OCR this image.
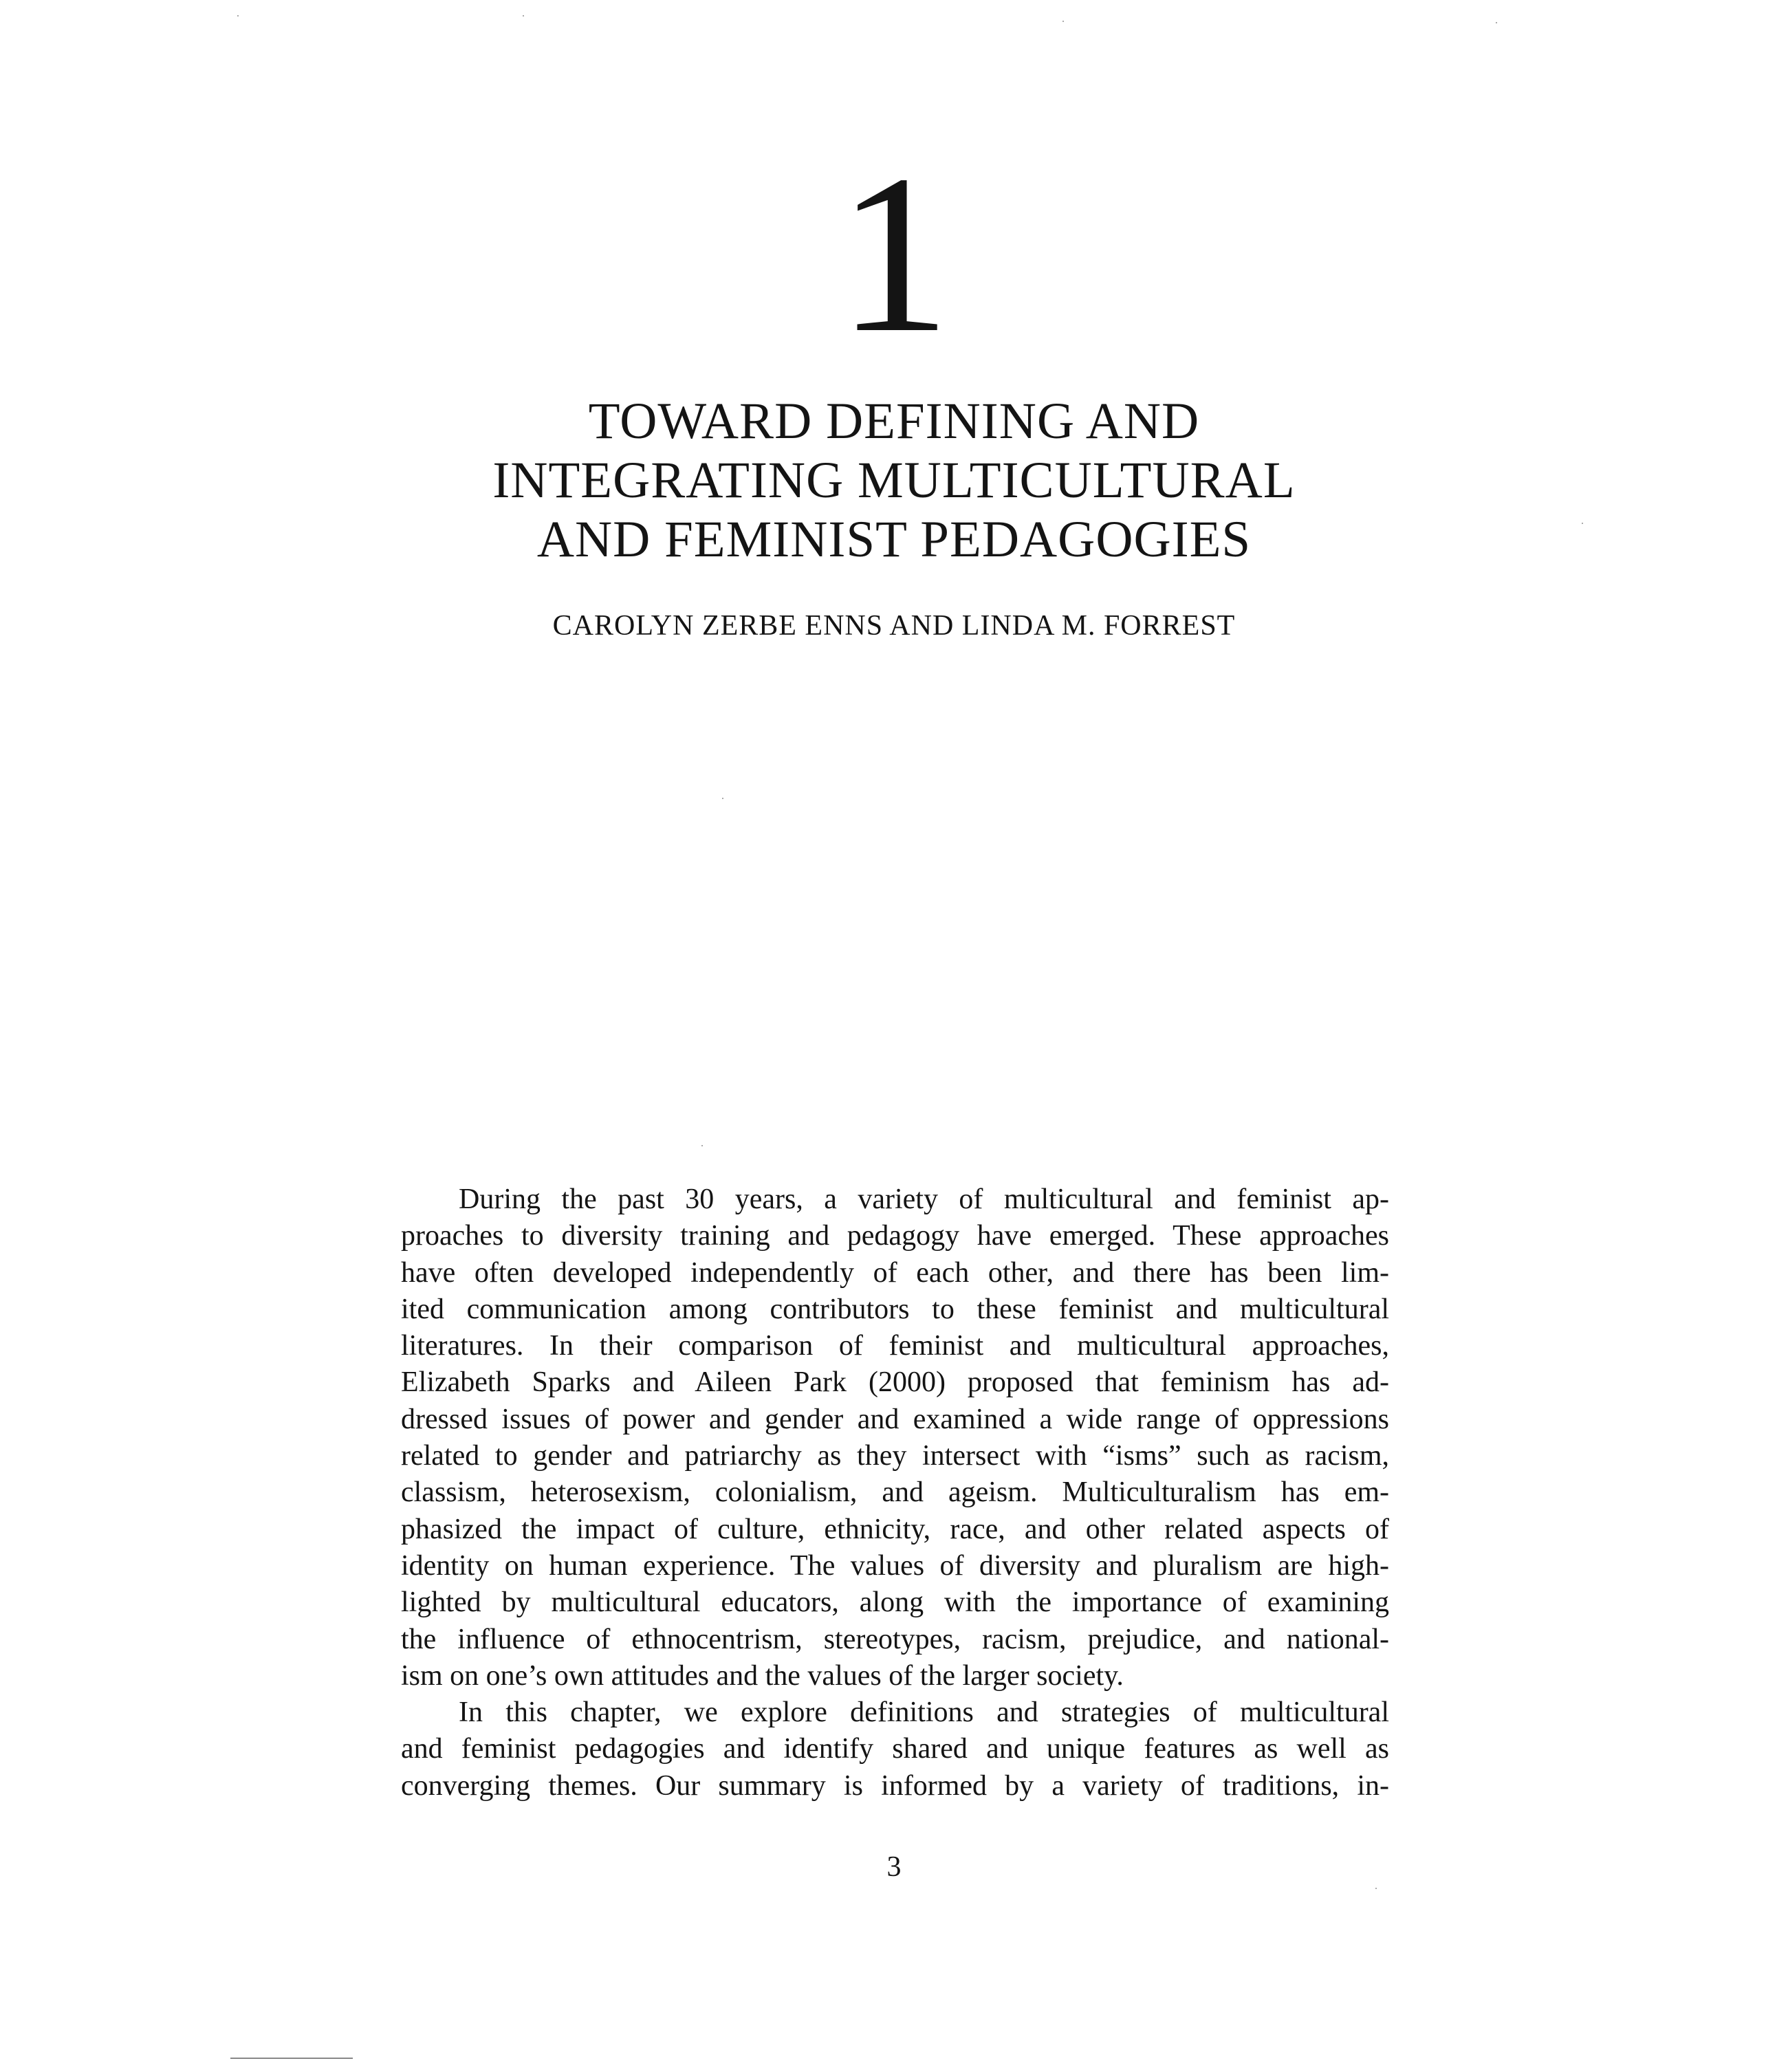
1
TOWARD DEFINING AND
INTEGRATING MULTICULTURAL
AND FEMINIST PEDAGOGIES
CAROLYN ZERBE ENNS AND LINDA M. FORREST
During the past 30 years, a variety of multicultural and feminist ap-
proaches to diversity training and pedagogy have emerged. These approaches
have often developed independently of each other, and there has been lim-
ited communication among contributors to these feminist and multicultural
literatures. In their comparison of feminist and multicultural approaches,
Elizabeth Sparks and Aileen Park (2000) proposed that feminism has ad-
dressed issues of power and gender and examined a wide range of oppressions
related to gender and patriarchy as they intersect with “isms” such as racism,
classism, heterosexism, colonialism, and ageism. Multiculturalism has em-
phasized the impact of culture, ethnicity, race, and other related aspects of
identity on human experience. The values of diversity and pluralism are high-
lighted by multicultural educators, along with the importance of examining
the influence of ethnocentrism, stereotypes, racism, prejudice, and national-
ism on one’s own attitudes and the values of the larger society.
In this chapter, we explore definitions and strategies of multicultural
and feminist pedagogies and identify shared and unique features as well as
converging themes. Our summary is informed by a variety of traditions, in-
3
